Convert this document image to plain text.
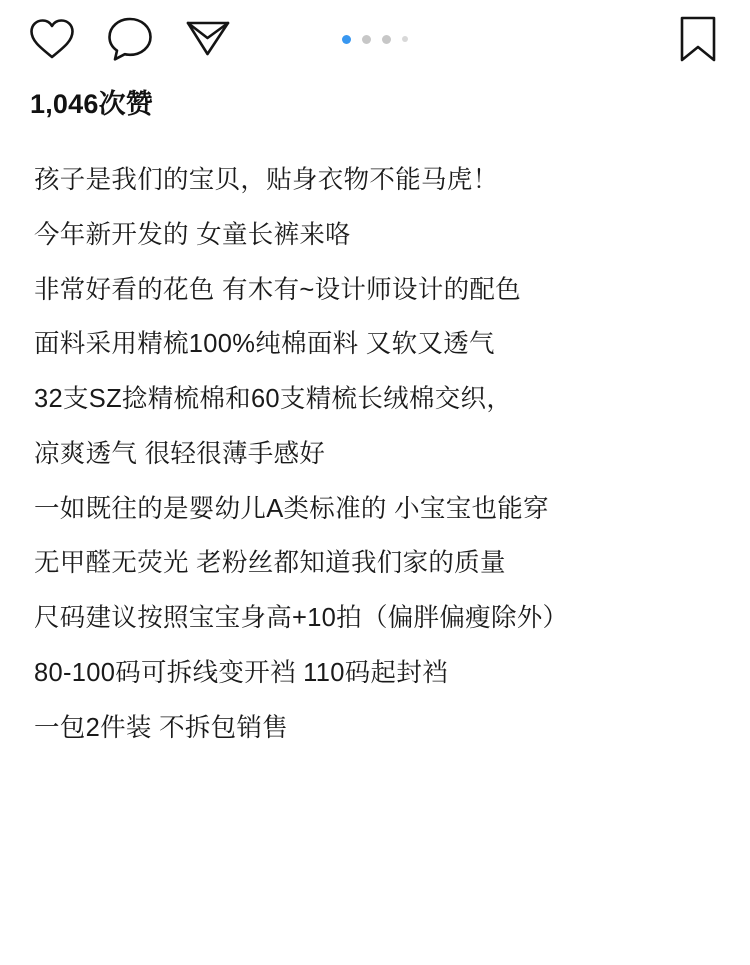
1,046次赞

孩子是我们的宝贝，贴身衣物不能马虎！

今年新开发的 女童长裤来咯

非常好看的花色 有木有~设计师设计的配色

面料采用精梳100%纯棉面料 又软又透气

32支SZ捻精梳棉和60支精梳长绒棉交织，

凉爽透气 很轻很薄手感好

一如既往的是婴幼儿A类标准的 小宝宝也能穿

无甲醛无荧光 老粉丝都知道我们家的质量

尺码建议按照宝宝身高+10拍（偏胖偏瘦除外）

80-100码可拆线变开裆 110码起封裆

一包2件装 不拆包销售
